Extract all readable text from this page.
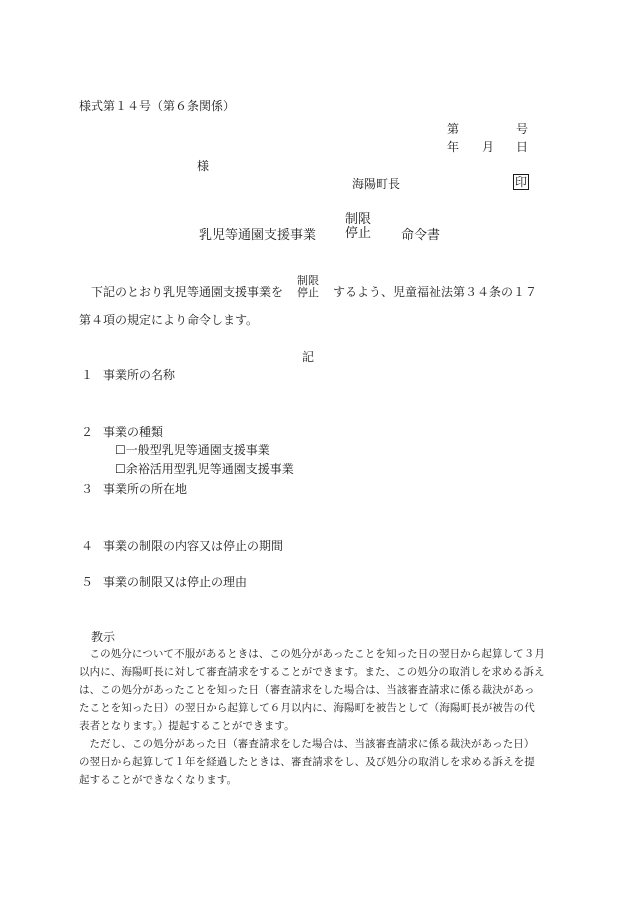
様式第１４号（第６条関係）
第	号
年 月 日
様
海陽町長	印
乳児等通園支援事業
制限
停止 命令書
下記のとおり乳児等通園支援事業を
制限
停止 するよう、児童福祉法第３４条の１７
第４項の規定により命令します。
記
１ 事業所の名称
２ 事業の種類
☐一般型乳児等通園支援事業
☐余裕活用型乳児等通園支援事業
３ 事業所の所在地
４ 事業の制限の内容又は停止の期間
５ 事業の制限又は停止の理由
教示

この処分について不服があるときは、この処分があったことを知った日の翌日から起算して３月以内に、海陽町長に対して審査請求をすることができます。また、この処分の取消しを求める訴えは、この処分があったことを知った日（審査請求をした場合は、当該審査請求に係る裁決があったことを知った日）の翌日から起算して６月以内に、海陽町を被告として（海陽町長が被告の代表者となります。）提起することができます。

ただし、この処分があった日（審査請求をした場合は、当該審査請求に係る裁決があった日）の翌日から起算して１年を経過したときは、審査請求をし、及び処分の取消しを求める訴えを提起することができなくなります。
